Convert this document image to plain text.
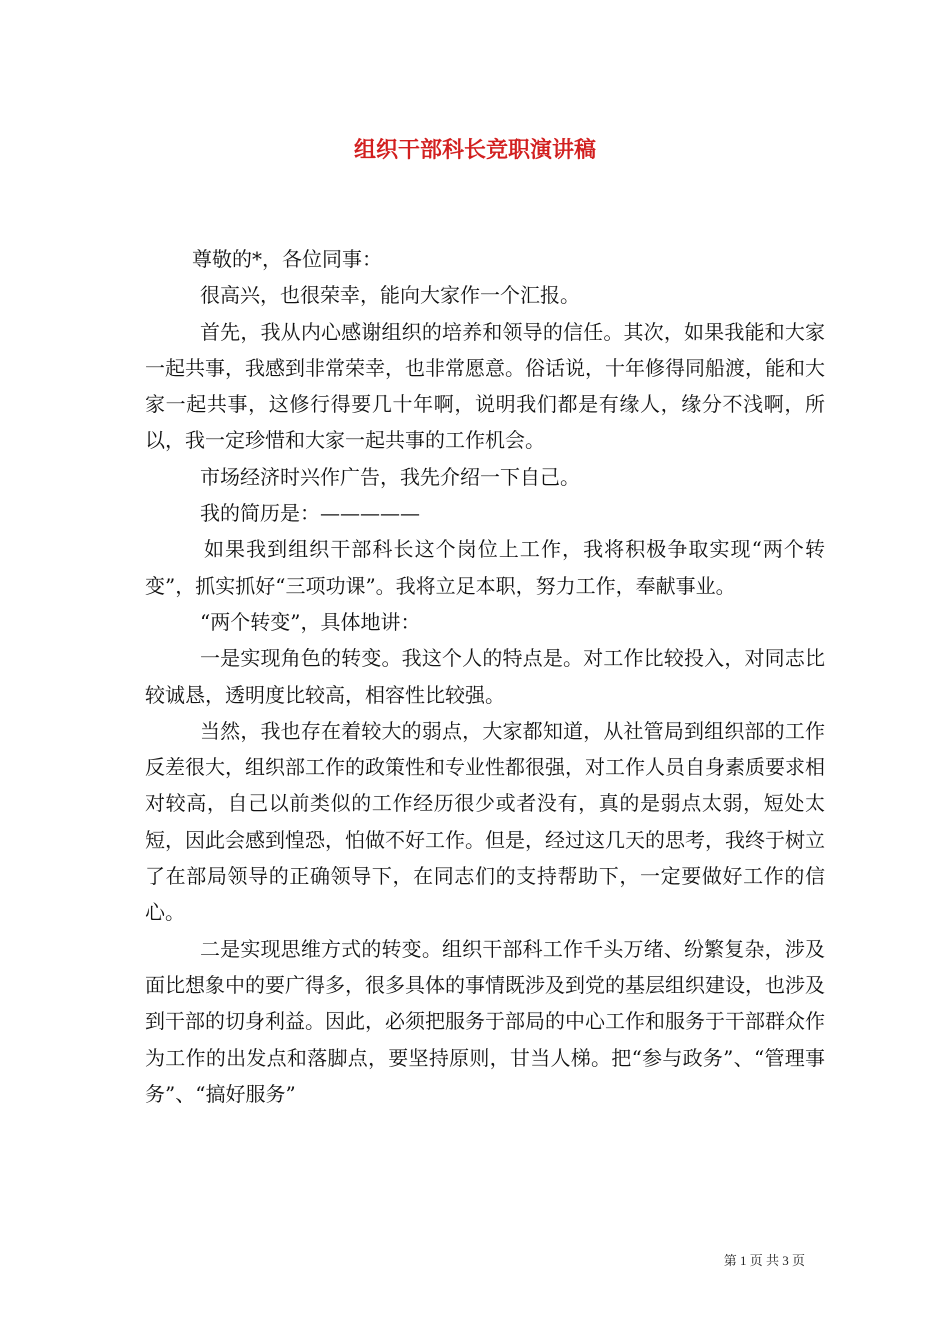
组织干部科长竞职演讲稿

尊敬的*，各位同事：

很高兴，也很荣幸，能向大家作一个汇报。

首先，我从内心感谢组织的培养和领导的信任。其次，如果我能和大家一起共事，我感到非常荣幸，也非常愿意。俗话说，十年修得同船渡，能和大家一起共事，这修行得要几十年啊，说明我们都是有缘人，缘分不浅啊，所以，我一定珍惜和大家一起共事的工作机会。

市场经济时兴作广告，我先介绍一下自己。

我的简历是：—————

如果我到组织干部科长这个岗位上工作，我将积极争取实现“两个转变”，抓实抓好“三项功课”。我将立足本职，努力工作，奉献事业。

“两个转变”，具体地讲：

一是实现角色的转变。我这个人的特点是。对工作比较投入，对同志比较诚恳，透明度比较高，相容性比较强。

当然，我也存在着较大的弱点，大家都知道，从社管局到组织部的工作反差很大，组织部工作的政策性和专业性都很强，对工作人员自身素质要求相对较高，自己以前类似的工作经历很少或者没有，真的是弱点太弱，短处太短，因此会感到惶恐，怕做不好工作。但是，经过这几天的思考，我终于树立了在部局领导的正确领导下，在同志们的支持帮助下，一定要做好工作的信心。

二是实现思维方式的转变。组织干部科工作千头万绪、纷繁复杂，涉及面比想象中的要广得多，很多具体的事情既涉及到党的基层组织建设，也涉及到干部的切身利益。因此，必须把服务于部局的中心工作和服务于干部群众作为工作的出发点和落脚点，要坚持原则，甘当人梯。把“参与政务”、“管理事务”、“搞好服务”

第 1 页 共 3 页
